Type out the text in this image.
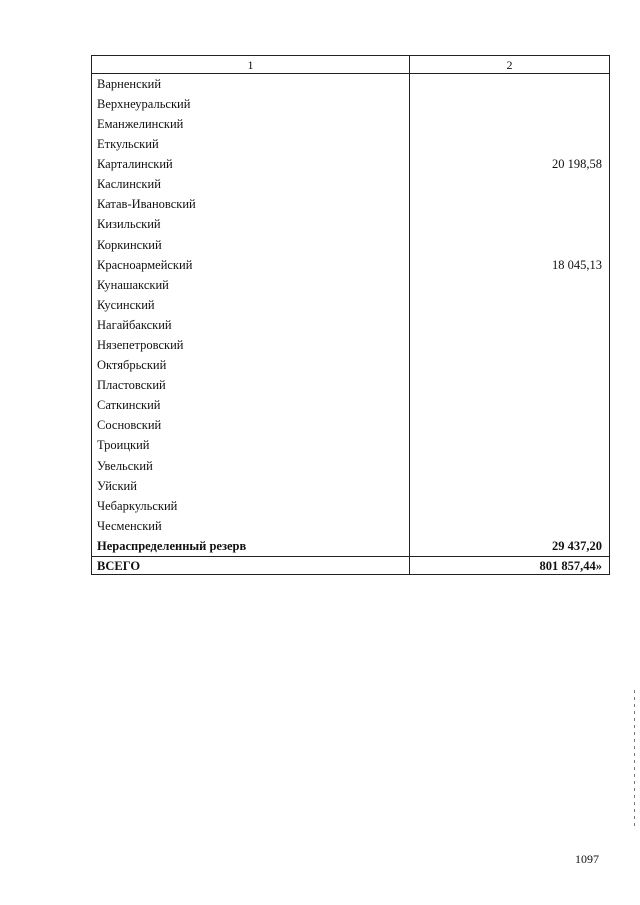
1	2
Варненский	
Верхнеуральский	
Еманжелинский	
Еткульский	
Карталинский	20 198,58
Каслинский	
Катав-Ивановский	
Кизильский	
Коркинский	
Красноармейский	18 045,13
Кунашакский	
Кусинский	
Нагайбакский	
Нязепетровский	
Октябрьский	
Пластовский	
Саткинский	
Сосновский	
Троицкий	
Увельский	
Уйский	
Чебаркульский	
Чесменский	
Нераспределенный резерв	29 437,20
ВСЕГО	801 857,44»
1097
